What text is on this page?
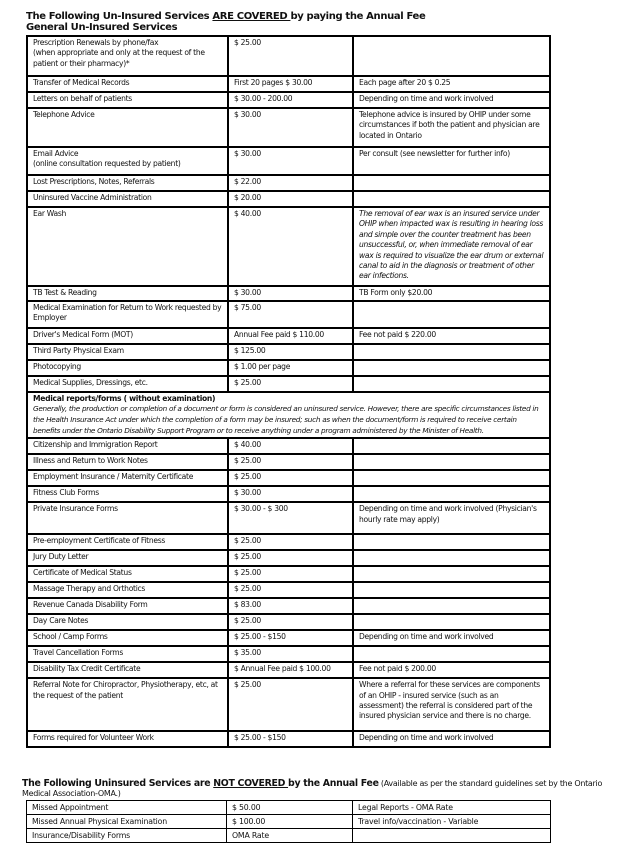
The Following Un-Insured Services ARE COVERED by paying the Annual Fee
General Un-Insured Services
Prescription Renewals by phone/fax
(when appropriate and only at the request of the patient or their pharmacy)*	$ 25.00	

Transfer of Medical Records	First 20 pages $ 30.00	Each page after 20 $ 0.25

Letters on behalf of patients	$ 30.00 - 200.00	Depending on time and work involved

Telephone Advice	$ 30.00	Telephone advice is insured by OHIP under some circumstances if both the patient and physician are located in Ontario

Email Advice
(online consultation requested by patient)	$ 30.00	Per consult (see newsletter for further info)

Lost Prescriptions, Notes, Referrals	$ 22.00	

Uninsured Vaccine Administration	$ 20.00	

Ear Wash	$ 40.00	The removal of ear wax is an insured service under OHIP when impacted wax is resulting in hearing loss and simple over the counter treatment has been unsuccessful, or, when immediate removal of ear wax is required to visualize the ear drum or external canal to aid in the diagnosis or treatment of other ear infections.

TB Test & Reading	$ 30.00	TB Form only $20.00

Medical Examination for Return to Work requested by Employer	$ 75.00	

Driver's Medical Form (MOT)	Annual Fee paid $ 110.00	Fee not paid $ 220.00

Third Party Physical Exam	$ 125.00	

Photocopying	$ 1.00 per page	

Medical Supplies, Dressings, etc.	$ 25.00	

Medical reports/forms ( without examination)
Generally, the production or completion of a document or form is considered an uninsured service. However, there are specific circumstances listed in the Health Insurance Act under which the completion of a form may be insured; such as when the document/form is required to receive certain benefits under the Ontario Disability Support Program or to receive anything under a program administered by the Minister of Health.		

Citizenship and Immigration Report	$ 40.00	

Illness and Return to Work Notes	$ 25.00	

Employment Insurance / Maternity Certificate	$ 25.00	

Fitness Club Forms	$ 30.00	

Private Insurance Forms	$ 30.00 - $ 300	Depending on time and work involved (Physician's hourly rate may apply)

Pre-employment Certificate of Fitness	$ 25.00	

Jury Duty Letter	$ 25.00	

Certificate of Medical Status	$ 25.00	

Massage Therapy and Orthotics	$ 25.00	

Revenue Canada Disability Form	$ 83.00	

Day Care Notes	$ 25.00	

School / Camp Forms	$ 25.00 - $150	Depending on time and work involved

Travel Cancellation Forms	$ 35.00	

Disability Tax Credit Certificate	$ Annual Fee paid $ 100.00	Fee not paid $ 200.00

Referral Note for Chiropractor, Physiotherapy, etc, at the request of the patient	$ 25.00	Where a referral for these services are components of an OHIP - insured service (such as an assessment) the referral is considered part of the insured physician service and there is no charge.

Forms required for Volunteer Work	$ 25.00 - $150	Depending on time and work involved
The Following Uninsured Services are NOT COVERED by the Annual Fee (Available as per the standard guidelines set by the Ontario Medical Association-OMA.)
Missed Appointment	$ 50.00	Legal Reports - OMA Rate
Missed Annual Physical Examination	$ 100.00	Travel info/vaccination - Variable
Insurance/Disability Forms	OMA Rate	
